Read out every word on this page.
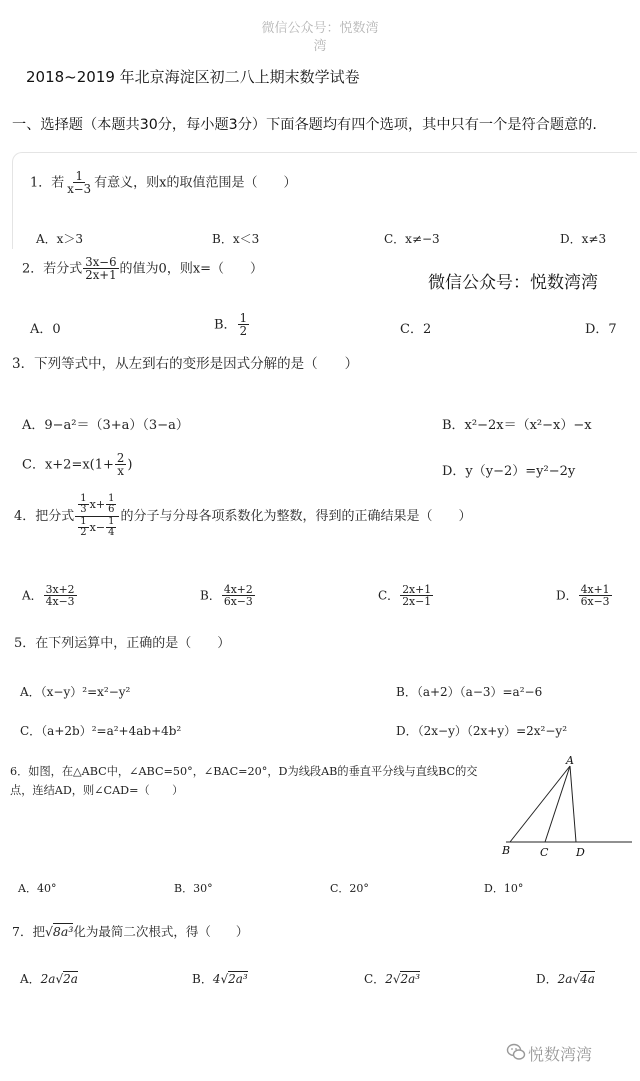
微信公众号：悦数湾
湾
2018~2019 年北京海淀区初二八上期末数学试卷
一、选择题（本题共30分，每小题3分）下面各题均有四个选项，其中只有一个是符合题意的.
1．若 $\frac{1}{x-3}$ 有意义，则x的取值范围是（　　）
A．x＞3	B．x＜3	C．x≠−3	D．x≠3
2．若分式 $\frac{3x-6}{2x+1}$ 的值为0，则x=（　　）
微信公众号：悦数湾湾
A．0	B． $\frac{1}{2}$	C．2	D．7
3．下列等式中，从左到右的变形是因式分解的是（　　）
A．9−a²＝（3+a）（3−a）	B．x²−2x＝（x²−x）−x
C．$x+2=x(1+ \frac{2}{x}$ )	D．y（y−2）=y²−2y
4．把分式 $\frac{\frac{1}{3} x+ \frac{1}{6}}{\frac{1}{2} x- \frac{1}{4}}$ 的分子与分母各项系数化为整数，得到的正确结果是（　　）
A． $\frac{3x+2}{4x-3}$	B． $\frac{4x+2}{6x-3}$	C． $\frac{2x+1}{2x-1}$	D． $\frac{4x+1}{6x-3}$
5．在下列运算中，正确的是（　　）
A．（x−y）²=x²−y²	B．（a+2）（a−3）=a²−6
C．（a+2b）²=a²+4ab+4b²	D．（2x−y）（2x+y）=2x²−y²
6．如图，在△ABC中，∠ABC=50°，∠BAC=20°，D为线段AB的垂直平分线与直线BC的交
点，连结AD，则∠CAD=（　　）
A
B	C	D
A．40°	B．30°	C．20°	D．10°
7．把√8a³化为最简二次根式，得（　　）
A．2a√2a	B．4√2a³	C．2√2a³	D．2a√4a
悦数湾湾
